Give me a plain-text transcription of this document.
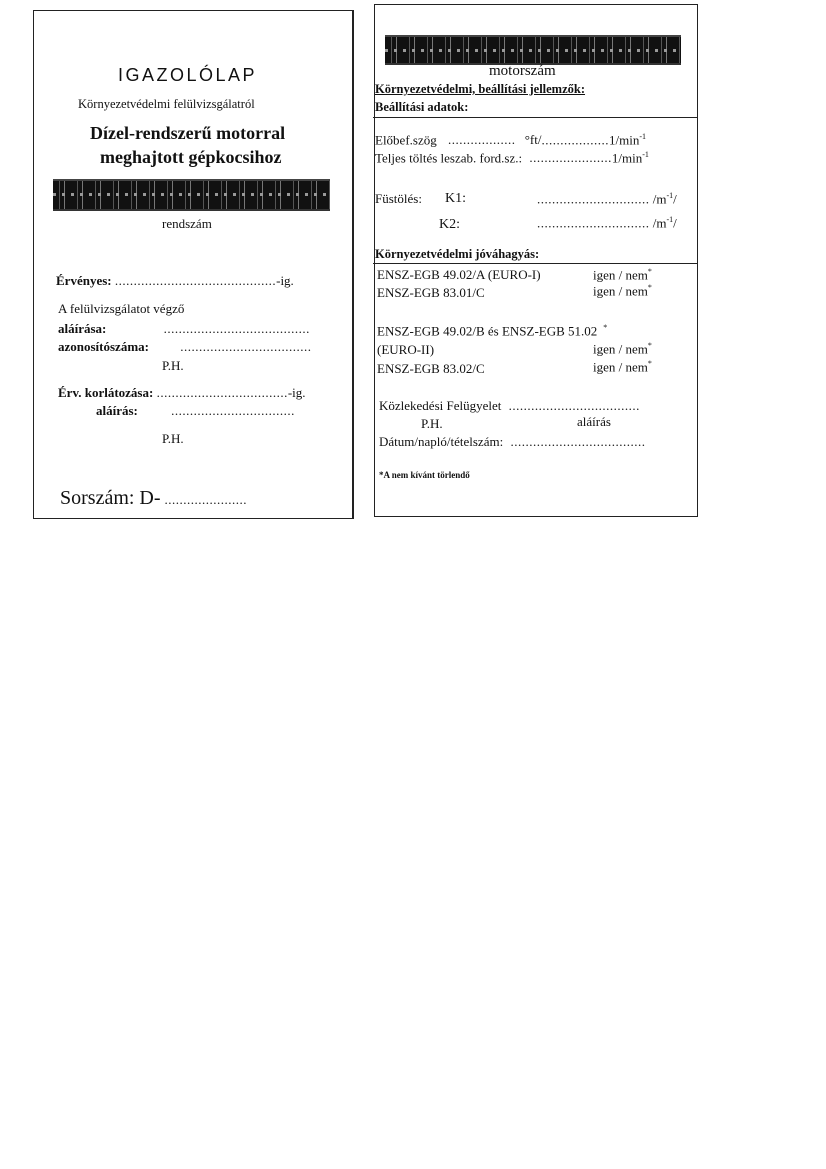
IGAZOLÓLAP
Környezetvédelmi felülvizsgálatról
Dízel-rendszerű motorral
meghajtott gépkocsihoz
rendszám
Érvényes: ...........................................-ig.
A felülvizsgálatot végző
aláírása:	.......................................
azonosítószáma: ...................................
P.H.
Érv. korlátozása: ...................................-ig.
aláírás:	.................................
P.H.
Sorszám: D- ......................
motorszám
Környezetvédelmi, beállítási jellemzők:
Beállítási adatok:
Előbef.szög .................. $^\circ ft/..................1/\min^{-1}$
Teljes töltés leszab. ford.sz.: $......................1/\min^{-1}$
Füstölés: K1:	.............................. $/m^{-1}/$
K2:	.............................. $/m^{-1}/$
Környezetvédelmi jóváhagyás:
ENSZ-EGB 49.02/A (EURO-I)	igen / nem*
ENSZ-EGB 83.01/C	igen / nem*
ENSZ-EGB 49.02/B és ENSZ-EGB 51.02 *
(EURO-II)	igen / nem*
ENSZ-EGB 83.02/C	igen / nem*
Közlekedési Felügyelet ...................................
P.H.	aláírás
Dátum/napló/tételszám: ....................................
*A nem kívánt törlendő
